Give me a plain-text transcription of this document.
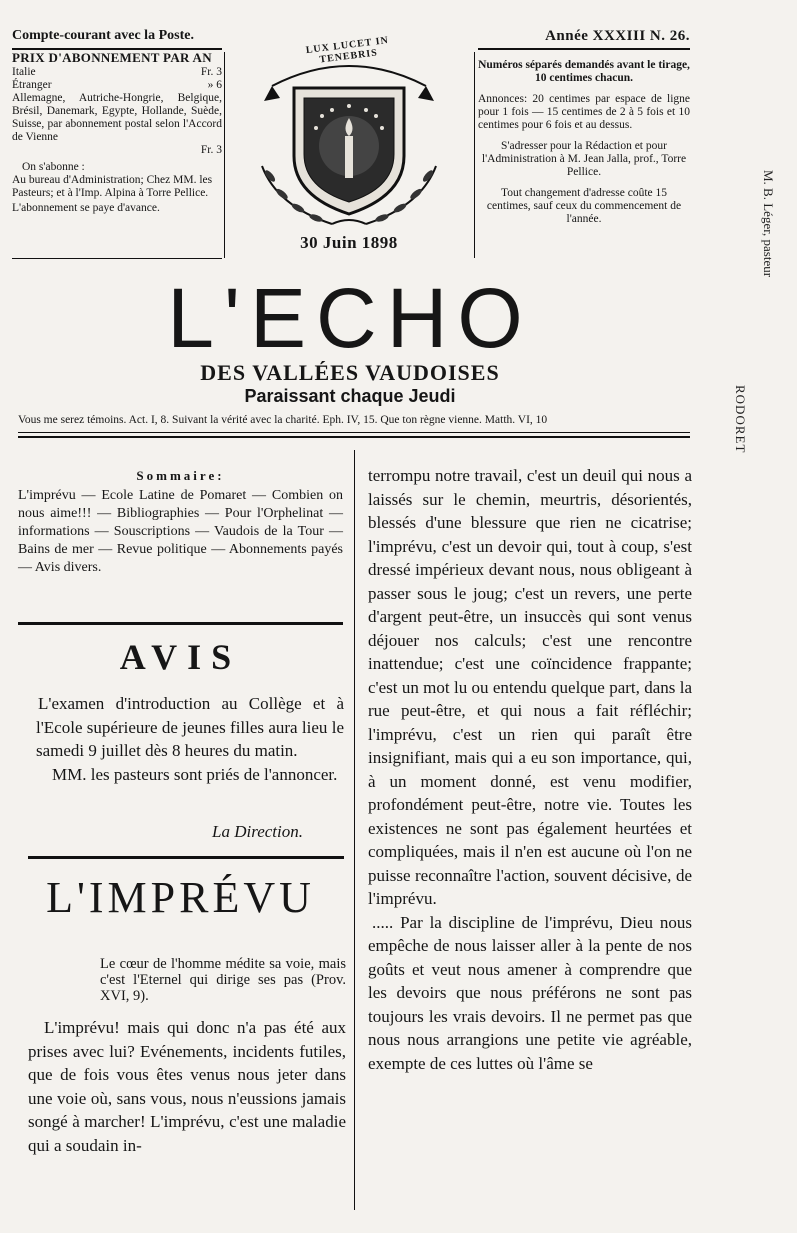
Compte-courant avec la Poste.
PRIX D'ABONNEMENT PAR AN
Italie	Fr. 3
Étranger	» 6
Allemagne, Autriche-Hongrie, Belgique, Brésil, Danemark, Egypte, Hollande, Suède, Suisse, par abonnement postal selon l'Accord de Vienne
Fr. 3
On s'abonne :
Au bureau d'Administration; Chez MM. les Pasteurs; et à l'Imp. Alpina à Torre Pellice.
L'abonnement se paye d'avance.
LUX LUCET IN TENEBRIS
30 Juin 1898
Année XXXIII N. 26.
Numéros séparés demandés avant le tirage, 10 centimes chacun.
Annonces: 20 centimes par espace de ligne pour 1 fois — 15 centimes de 2 à 5 fois et 10 centimes pour 6 fois et au dessus.
S'adresser pour la Rédaction et pour l'Administration à M. Jean Jalla, prof., Torre Pellice.
Tout changement d'adresse coûte 15 centimes, sauf ceux du commencement de l'année.
L'ECHO
DES VALLÉES VAUDOISES
Paraissant chaque Jeudi
Vous me serez témoins. Act. I, 8. Suivant la vérité avec la charité. Eph. IV, 15. Que ton règne vienne. Matth. VI, 10
M. B. Léger, pasteur
RODORET
Sommaire:
L'imprévu — Ecole Latine de Pomaret — Combien on nous aime!!! — Bibliographies — Pour l'Orphelinat — informations — Souscriptions — Vaudois de la Tour — Bains de mer — Revue politique — Abonnements payés — Avis divers.
AVIS
L'examen d'introduction au Collège et à l'Ecole supérieure de jeunes filles aura lieu le samedi 9 juillet dès 8 heures du matin.
MM. les pasteurs sont priés de l'annoncer.
La Direction.
L'IMPRÉVU
Le cœur de l'homme médite sa voie, mais c'est l'Eternel qui dirige ses pas (Prov. XVI, 9).
L'imprévu! mais qui donc n'a pas été aux prises avec lui? Evénements, incidents futiles, que de fois vous êtes venus nous jeter dans une voie où, sans vous, nous n'eussions jamais songé à marcher! L'imprévu, c'est une maladie qui a soudain in-

terrompu notre travail, c'est un deuil qui nous a laissés sur le chemin, meurtris, désorientés, blessés d'une blessure que rien ne cicatrise; l'imprévu, c'est un devoir qui, tout à coup, s'est dressé impérieux devant nous, nous obligeant à passer sous le joug; c'est un revers, une perte d'argent peut-être, un insuccès qui sont venus déjouer nos calculs; c'est une rencontre inattendue; c'est une coïncidence frappante; c'est un mot lu ou entendu quelque part, dans la rue peut-être, et qui nous a fait réfléchir; l'imprévu, c'est un rien qui paraît être insignifiant, mais qui a eu son importance, qui, à un moment donné, est venu modifier, profondément peut-être, notre vie. Toutes les existences ne sont pas également heurtées et compliquées, mais il n'en est aucune où l'on ne puisse reconnaître l'action, souvent décisive, de l'imprévu.

..... Par la discipline de l'imprévu, Dieu nous empêche de nous laisser aller à la pente de nos goûts et veut nous amener à comprendre que les devoirs que nous préférons ne sont pas toujours les vrais devoirs. Il ne permet pas que nous nous arrangions une petite vie agréable, exempte de ces luttes où l'âme se
